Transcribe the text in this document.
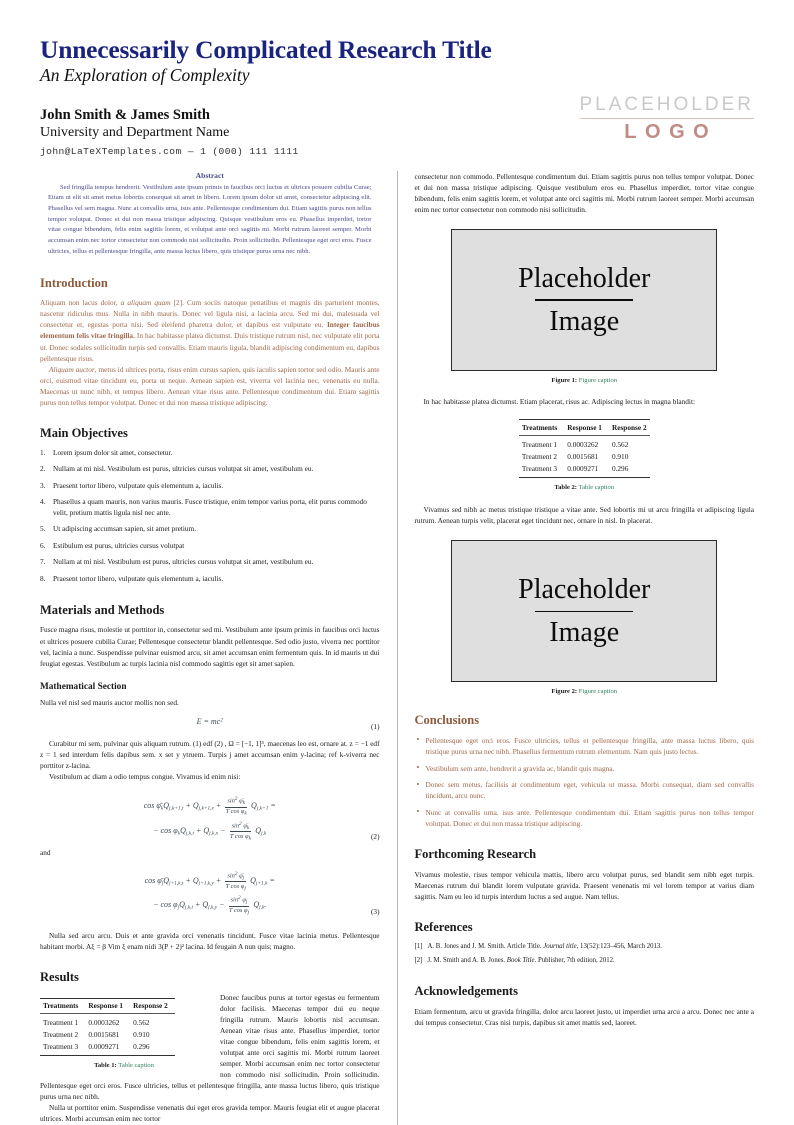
Unnecessarily Complicated Research Title
An Exploration of Complexity
John Smith & James Smith
University and Department Name
john@LaTeXTemplates.com — 1 (000) 111 1111
PLACEHOLDER
LOGO
Abstract

Sed fringilla tempus hendrerit. Vestibulum ante ipsum primis in faucibus orci luctus et ultrices posuere cubilia Curae; Etiam ut elit sit amet metus lobortis consequat sit amet in libero. Lorem ipsum dolor sit amet, consectetur adipiscing elit. Phasellus vel sem magna. Nunc at convallis urna, isus ante. Pellentesque condimentum dui. Etiam sagittis purus non tellus tempor volutpat. Donec et dui non massa tristique adipiscing. Quisque vestibulum eros eu. Phasellus imperdiet, tortor vitae congue bibendum, felis enim sagittis lorem, et volutpat ante orci sagittis mi. Morbi rutrum laoreet semper. Morbi accumsan enim nec tortor consectetur non commodo nisi sollicitudin. Proin sollicitudin. Pellentesque eget orci eros. Fusce ultricies, tellus et pellentesque fringilla, ante massa luctus libero, quis tristique purus urna nec nibh.

Introduction

Aliquam non lacus dolor, a aliquam quam [2]. Cum sociis natoque penatibus et magnis dis parturient montes, nascetur ridiculus mus. Nulla in nibh mauris. Donec vel ligula nisi, a lacinia arcu. Sed mi dui, malesuada vel consectetur et, egestas porta nisi. Sed eleifend pharetra dolor, et dapibus est vulputate eu. Integer faucibus elementum felis vitae fringilla. In hac habitasse platea dictumst. Duis tristique rutrum nisl, nec vulputate elit porta ut. Donec sodales sollicitudin turpis sed convallis. Etiam mauris ligula, blandit adipiscing condimentum eu, dapibus pellentesque risus.

Aliquam auctor, metus id ultrices porta, risus enim cursus sapien, quis iaculis sapien tortor sed odio. Mauris ante orci, euismod vitae tincidunt eu, porta ut neque. Aenean sapien est, viverra vel lacinia nec, venenatis eu nulla. Maecenas ut nunc nibh, et tempus libero. Aenean vitae risus ante. Pellentesque condimentum dui. Etiam sagittis purus non tellus tempor volutpat. Donec et dui non massa tristique adipiscing.

Main Objectives
Lorem ipsum dolor sit amet, consectetur.
Nullam at mi nisl. Vestibulum est purus, ultricies cursus volutpat sit amet, vestibulum eu.
Praesent tortor libero, vulputate quis elementum a, iaculis.
Phasellus a quam mauris, non varius mauris. Fusce tristique, enim tempor varius porta, elit purus commodo velit, pretium mattis ligula nisl nec ante.
Ut adipiscing accumsan sapien, sit amet pretium.
Estibulum est purus, ultricies cursus volutpat
Nullam at mi nisl. Vestibulum est purus, ultricies cursus volutpat sit amet, vestibulum eu.
Praesent tortor libero, vulputate quis elementum a, iaculis.
Materials and Methods

Fusce magna risus, molestie ut porttitor in, consectetur sed mi. Vestibulum ante ipsum primis in faucibus orci luctus et ultrices posuere cubilia Curae; Pellentesque consectetur blandit pellentesque. Sed odio justo, viverra nec porttitor vel, lacinia a nunc. Suspendisse pulvinar euismod arcu, sit amet accumsan enim fermentum quis. In id mauris ut dui feugiat egestas. Vestibulum ac turpis lacinia nisl commodo sagittis eget sit amet sapien.

Mathematical Section

Nulla vel nisl sed mauris auctor mollis non sed.

$E = mc^2$
(1)

Curabitur mi sem, pulvinar quis aliquam rutrum. (1) edf (2) , Ω = [−1, 1]³, maecenas leo est, ornare at. z = −1 edf z = 1 sed interdum felis dapibus sem. x set y ytruem. Turpis j amet accumsan enim y-lacina; ref k-viverra nec porttitor z-lacina.

Vestibulum ac diam a odio tempus congue. Vivamus id enim nisi:

$\cos \varphī_kQ_{j,k+1,t} + Q_{j,k+1,x} + \frac{\sin^2 \varphī_k}{T \cos \varphi_k} Q_{j,k+1}$ =
− $\cos \varphi_kQ_{j,k,t} + Q_{j,k,x} - \frac{\sin^2 \varphī_k}{T \cos \varphi_k} Q_{j,k}$	(2)
and
$\cos \varphī_jQ_{j+1,k,t} + Q_{j+1,k,y} + \frac{\sin^2 \varphī_j}{T \cos \varphi_j} Q_{j+1,k}$ =
− $\cos \varphi_jQ_{j,k,t} + Q_{j,k,y} - \frac{\sin^2 \varphi_j}{T \cos \varphi_j} Q_{j,k}$.
(3)

Nulla sed arcu arcu. Duis et ante gravida orci venenatis tincidunt. Fusce vitae lacinia metus. Pellentesque habitant morbi. Aξ = β Vim ξ enam nidi 3(P + 2)² lacina. Id feugain A nun quis; magno.

Results
Treatments	Response 1	Response 2
Treatment 1	0.0003262	0.562
Treatment 2	0.0015681	0.910
Treatment 3	0.0009271	0.296
Table 1: Table caption

Donec faucibus purus at tortor egestas eu fermentum dolor facilisis. Maecenas tempor dui eu neque fringilla rutrum. Mauris lobortis nisl accumsan. Aenean vitae risus ante. Phasellus imperdiet, tortor vitae congue bibendum, felis enim sagittis lorem, et volutpat ante orci sagittis mi. Morbi rutrum laoreet semper. Morbi accumsan enim nec tortor consectetur non commodo nisi sollicitudin. Proin sollicitudin. Pellentesque eget orci eros. Fusce ultricies, tellus et pellentesque fringilla, ante massa luctus libero, quis tristique purus urna nec nibh.

Nulla ut porttitor enim. Suspendisse venenatis dui eget eros gravida tempor. Mauris feugiat elit et augue placerat ultrices. Morbi accumsan enim nec tortor

consectetur non commodo. Pellentesque condimentum dui. Etiam sagittis purus non tellus tempor volutpat. Donec et dui non massa tristique adipiscing. Quisque vestibulum eros eu. Phasellus imperdiet, tortor vitae congue bibendum, felis enim sagittis lorem, et volutpat ante orci sagittis mi. Morbi rutrum laoreet semper. Morbi accumsan enim nec tortor consectetur non commodo nisi sollicitudin.

Placeholder
Image
Figure 1: Figure caption

In hac habitasse platea dictumst. Etiam placerat, risus ac. Adipiscing lectus in magna blandit:

Treatments	Response 1	Response 2
Treatment 1	0.0003262	0.562
Treatment 2	0.0015681	0.910
Treatment 3	0.0009271	0.296
Table 2: Table caption

Vivamus sed nibh ac metus tristique tristique a vitae ante. Sed lobortis mi ut arcu fringilla et adipiscing ligula rutrum. Aenean turpis velit, placerat eget tincidunt nec, ornare in nisl. In placerat.

Placeholder
Image
Figure 2: Figure caption
Conclusions
• Pellentesque eget orci eros. Fusce ultricies, tellus et pellentesque fringilla, ante massa luctus libero, quis tristique purus urna nec nibh. Phasellus fermentum rutrum elementum. Nam quis justo lectus.
• Vestibulum sem ante, hendrerit a gravida ac, blandit quis magna.
• Donec sem metus, facilisis at condimentum eget, vehicula ut massa. Morbi consequat, diam sed convallis tincidunt, arcu nunc.
• Nunc at convallis urna. isus ante. Pellentesque condimentum dui. Etiam sagittis purus non tellus tempor volutpat. Donec et dui non massa tristique adipiscing.
Forthcoming Research

Vivamus molestie, risus tempor vehicula mattis, libero arcu volutpat purus, sed blandit sem nibh eget turpis. Maecenas rutrum dui blandit lorem vulputate gravida. Praesent venenatis mi vel lorem tempor at varius diam sagittis. Nam eu leo id turpis interdum luctus a sed augue. Nam tellus.

References
[1] A. B. Jones and J. M. Smith. Article Title. Journal title, 13(52):123–456, March 2013.
[2] J. M. Smith and A. B. Jones. Book Title. Publisher, 7th edition, 2012.
Acknowledgements

Etiam fermentum, arcu ut gravida fringilla, dolor arcu laoreet justo, ut imperdiet urna arcu a arcu. Donec nec ante a dui tempus consectetur. Cras nisi turpis, dapibus sit amet mattis sed, laoreet.
